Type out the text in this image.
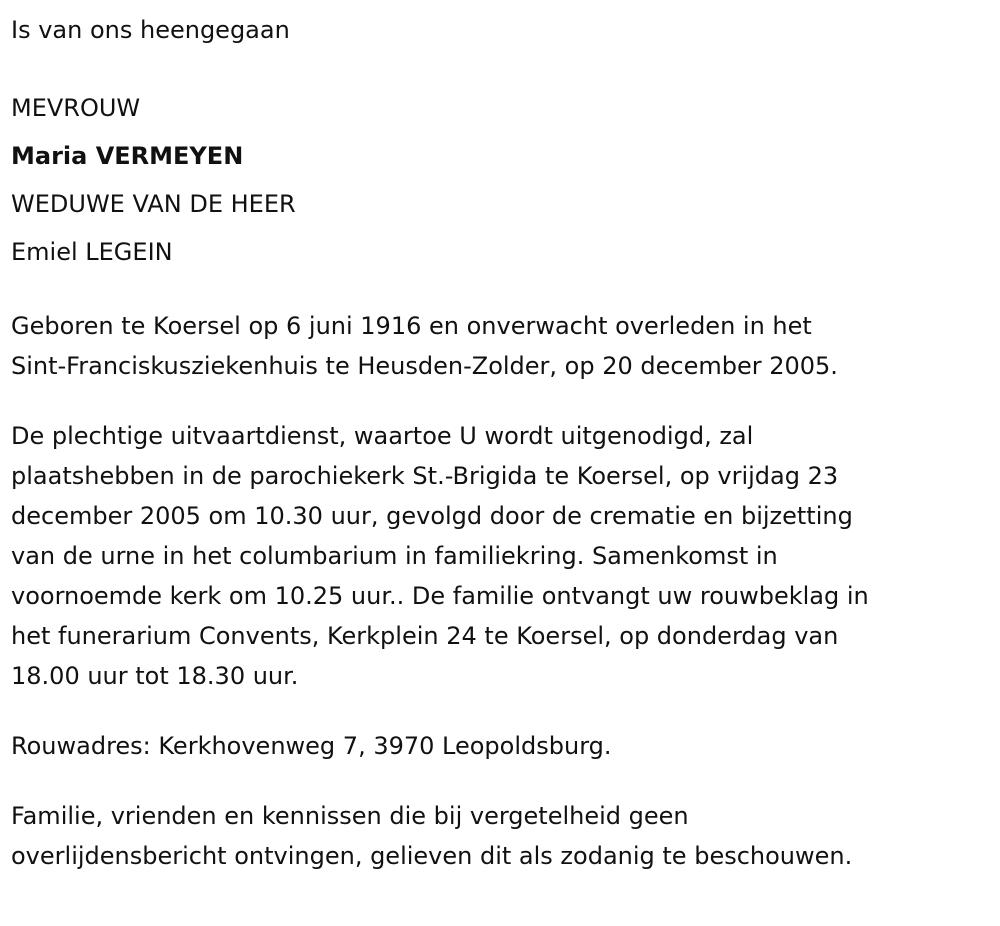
Is van ons heengegaan

MEVROUW
Maria VERMEYEN
WEDUWE VAN DE HEER
Emiel LEGEIN
Geboren te Koersel op 6 juni 1916 en onverwacht overleden in het
Sint-Franciskusziekenhuis te Heusden-Zolder, op 20 december 2005.
De plechtige uitvaartdienst, waartoe U wordt uitgenodigd, zal
plaatshebben in de parochiekerk St.-Brigida te Koersel, op vrijdag 23
december 2005 om 10.30 uur, gevolgd door de crematie en bijzetting
van de urne in het columbarium in familiekring. Samenkomst in
voornoemde kerk om 10.25 uur.. De familie ontvangt uw rouwbeklag in
het funerarium Convents, Kerkplein 24 te Koersel, op donderdag van
18.00 uur tot 18.30 uur.
Rouwadres: Kerkhovenweg 7, 3970 Leopoldsburg.
Familie, vrienden en kennissen die bij vergetelheid geen
overlijdensbericht ontvingen, gelieven dit als zodanig te beschouwen.
